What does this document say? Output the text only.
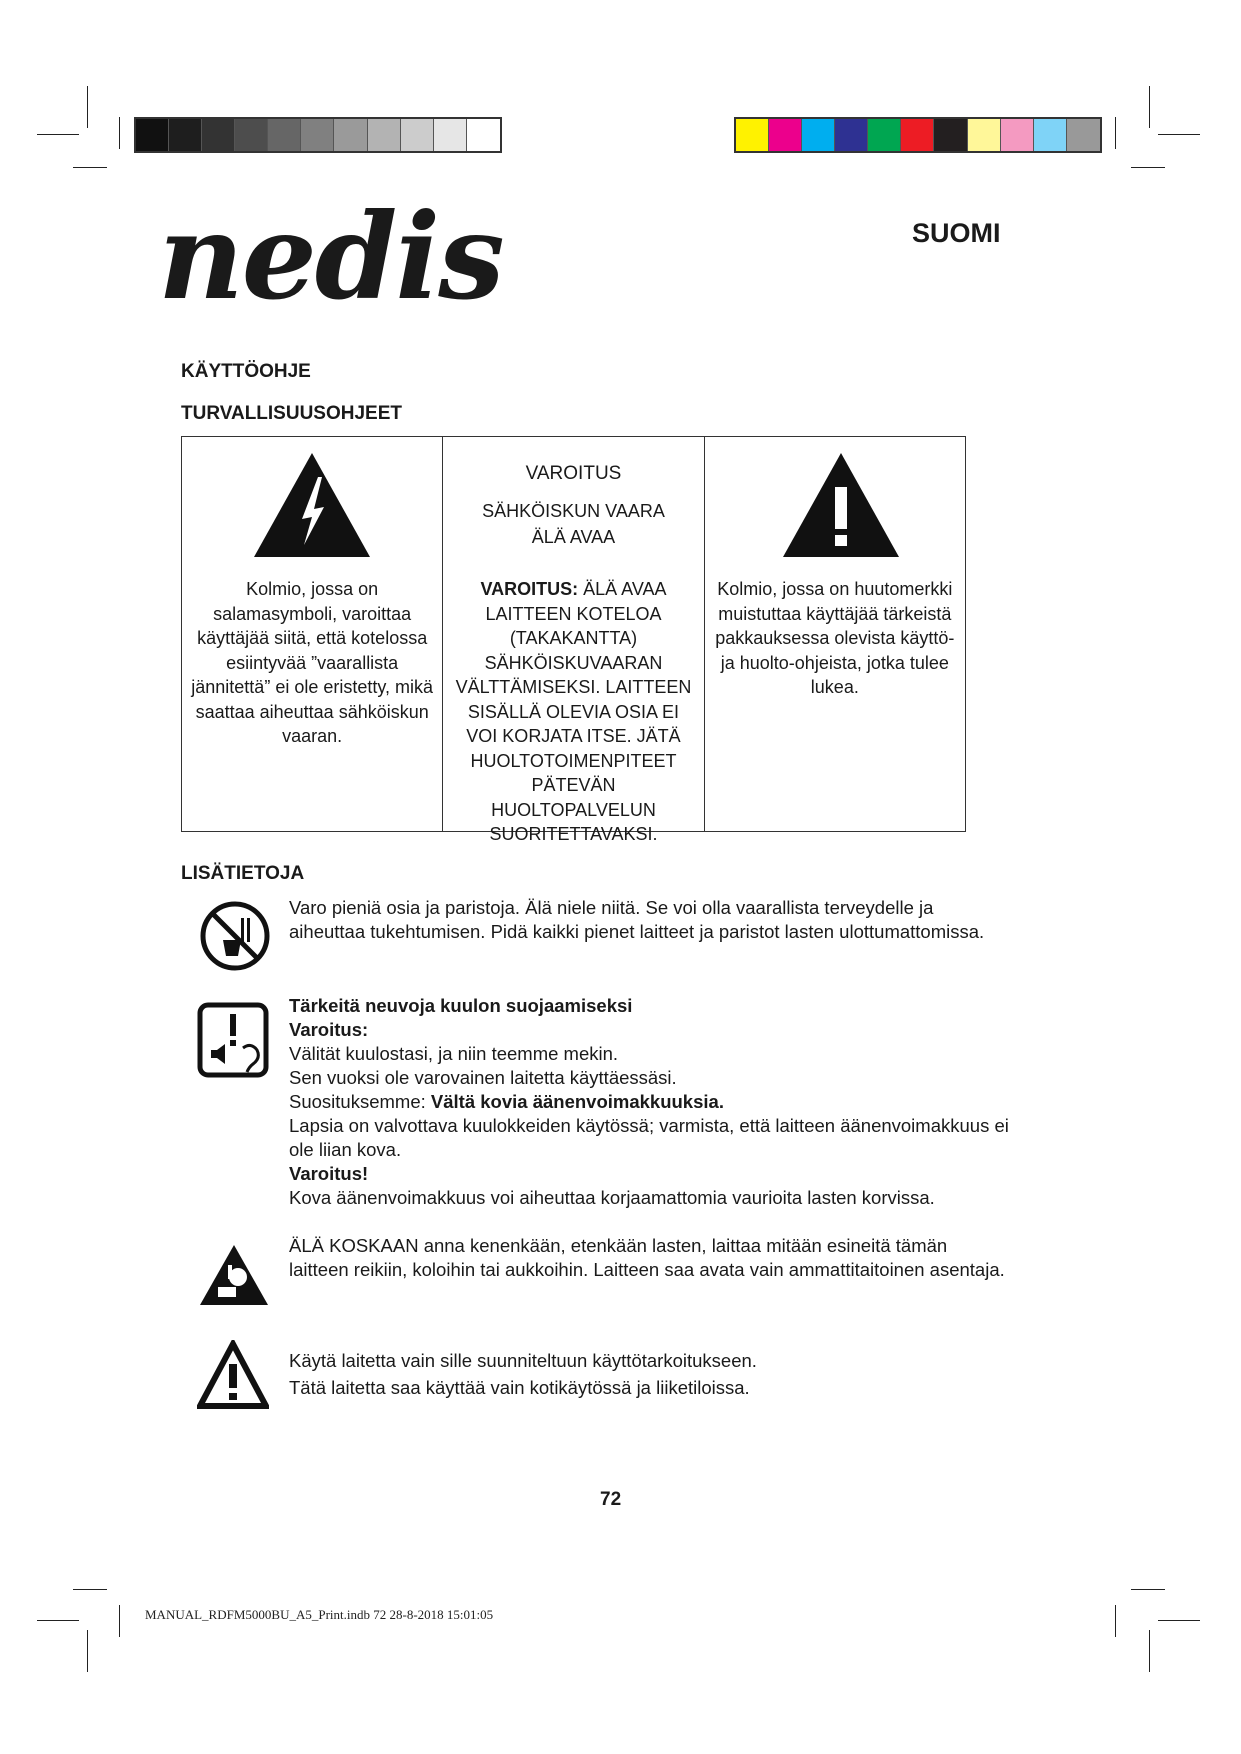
nedis	SUOMI
KÄYTTÖOHJE
TURVALLISUUSOHJEET
Kolmio, jossa on salamasymboli, varoittaa käyttäjää siitä, että kotelossa esiintyvää ”vaarallista jännitettä” ei ole eristetty, mikä saattaa aiheuttaa sähköiskun vaaran.

VAROITUS
SÄHKÖISKUN VAARA
ÄLÄ AVAA
VAROITUS: ÄLÄ AVAA LAITTEEN KOTELOA (TAKAKANTTA) SÄHKÖISKUVAARAN VÄLTTÄMISEKSI. LAITTEEN SISÄLLÄ OLEVIA OSIA EI VOI KORJATA ITSE. JÄTÄ HUOLTOTOIMENPITEET PÄTEVÄN HUOLTOPALVELUN SUORITETTAVAKSI.

Kolmio, jossa on huutomerkki muistuttaa käyttäjää tärkeistä pakkauksessa olevista käyttö- ja huolto-ohjeista, jotka tulee lukea.
LISÄTIETOJA
Varo pieniä osia ja paristoja. Älä niele niitä. Se voi olla vaarallista terveydelle ja aiheuttaa tukehtumisen. Pidä kaikki pienet laitteet ja paristot lasten ulottumattomissa.
Tärkeitä neuvoja kuulon suojaamiseksi
Varoitus:
Välität kuulostasi, ja niin teemme mekin.
Sen vuoksi ole varovainen laitetta käyttäessäsi.
Suosituksemme: Vältä kovia äänenvoimakkuuksia.
Lapsia on valvottava kuulokkeiden käytössä; varmista, että laitteen äänenvoimakkuus ei ole liian kova.
Varoitus!
Kova äänenvoimakkuus voi aiheuttaa korjaamattomia vaurioita lasten korvissa.
ÄLÄ KOSKAAN anna kenenkään, etenkään lasten, laittaa mitään esineitä tämän laitteen reikiin, koloihin tai aukkoihin. Laitteen saa avata vain ammattitaitoinen asentaja.
Käytä laitetta vain sille suunniteltuun käyttötarkoitukseen.
Tätä laitetta saa käyttää vain kotikäytössä ja liiketiloissa.
72
MANUAL_RDFM5000BU_A5_Print.indb 72 28-8-2018 15:01:05
